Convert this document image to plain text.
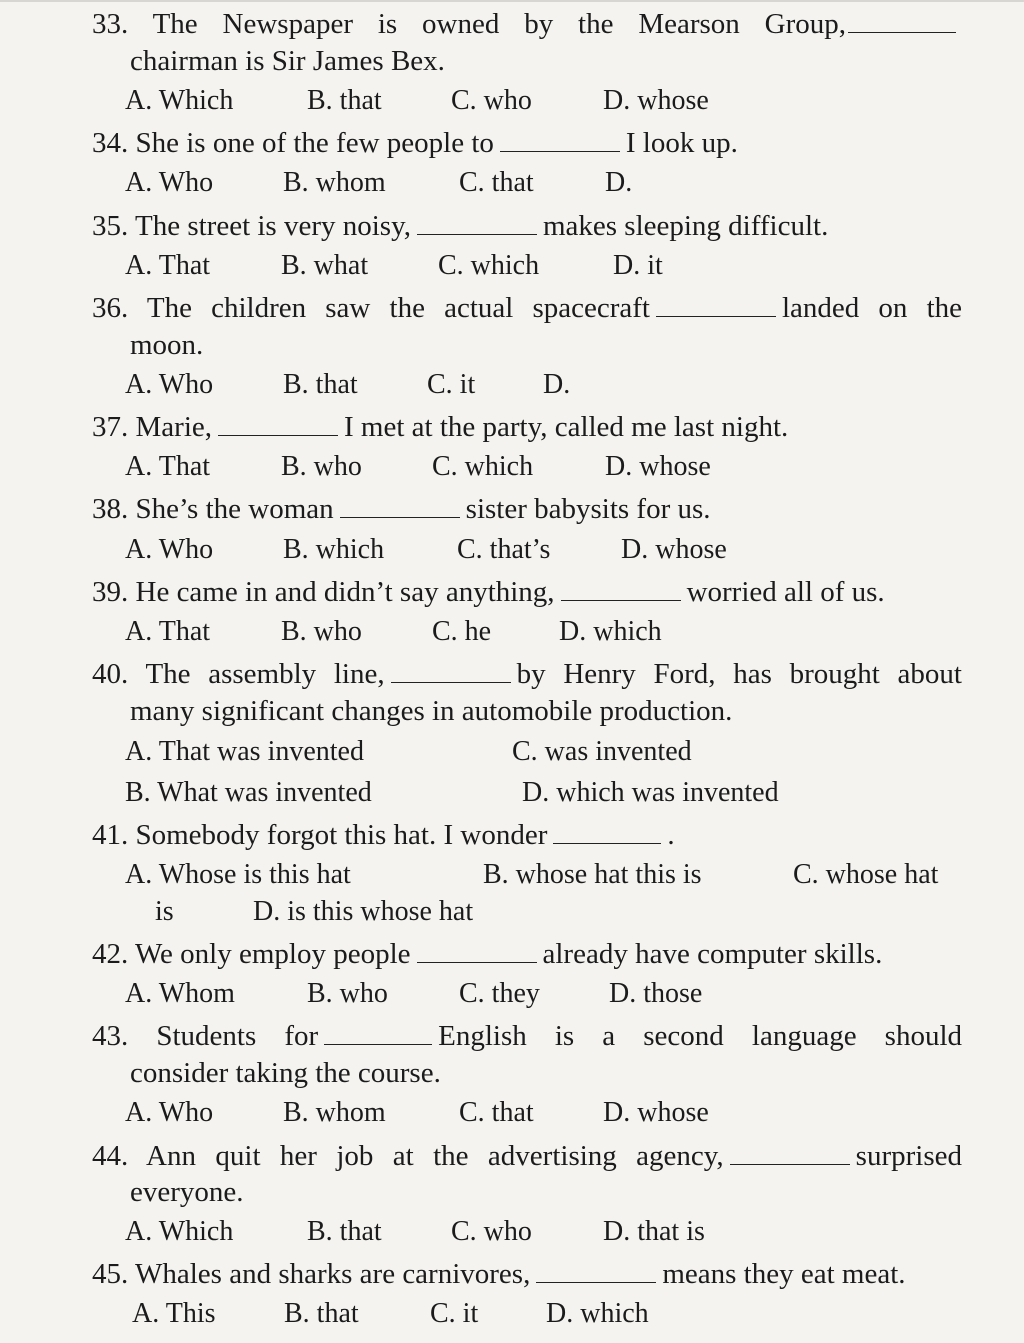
33. The Newspaper is owned by the Mearson Group,
chairman is Sir James Bex.
A. Which	B. that C. who	D. whose
34. She is one of the few people to	I look up.
A. Who B. whom	C. that	D.
35. The street is very noisy,	makes sleeping difficult.
A. That	B. what C. which	D. it
36. The children saw the actual spacecraft	landed on the
moon.
A. Who B. that C. it D.
37. Marie,	I met at the party, called me last night.
A. That	B. who	C. which	D. whose
38. She’s the woman	sister babysits for us.
A. Who B. which	C. that’s	D. whose
39. He came in and didn’t say anything,	worried all of us.
A. That	B. who	C. he D. which
40. The assembly line,	by Henry Ford, has brought about
many significant changes in automobile production.
A. That was invented	C. was invented
B. What was invented	D. which was invented
41. Somebody forgot this hat. I wonder	.
A. Whose is this hat	B. whose hat this is	C. whose hat
is	D. is this whose hat
42. We only employ people	already have computer skills.
A. Whom	B. who	C. they D. those
43. Students for	English is a second language should
consider taking the course.
A. Who B. whom	C. that D. whose
44. Ann quit her job at the advertising agency,	surprised
everyone.
A. Which	B. that C. who	D. that is
45. Whales and sharks are carnivores,	means they eat meat.
A. This B. that	C. it D. which
